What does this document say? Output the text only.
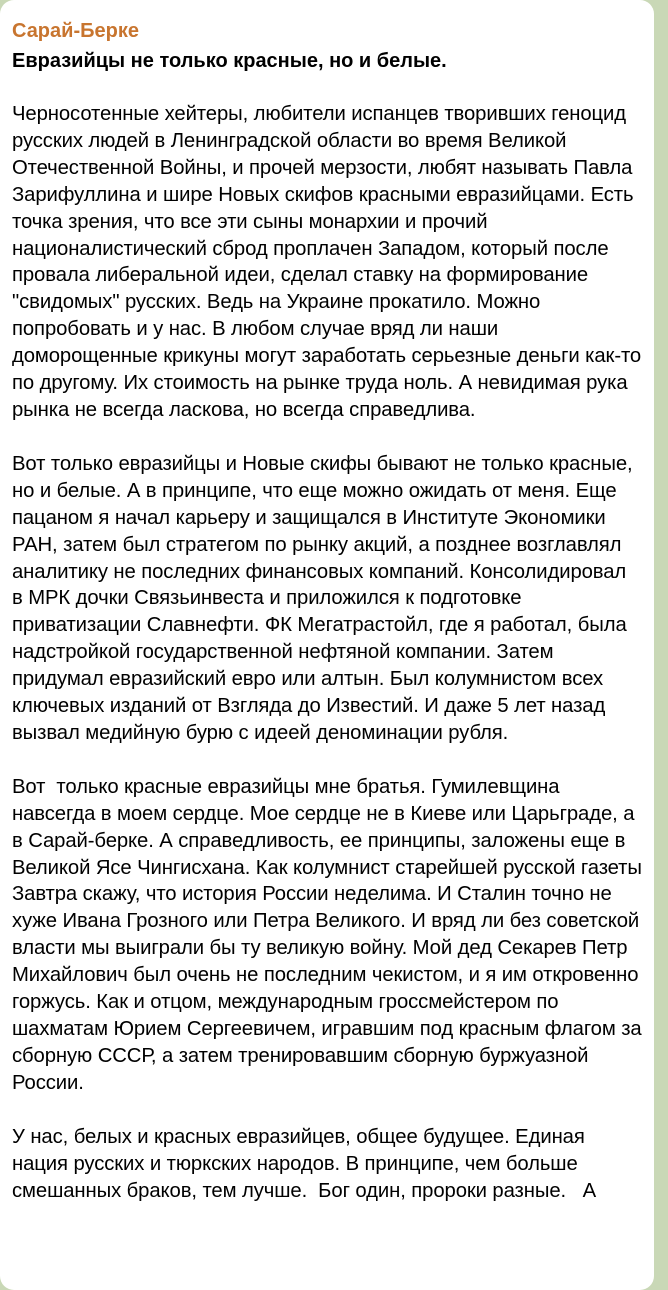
Сарай-Берке
Евразийцы не только красные, но и белые.

Черносотенные хейтеры, любители испанцев творивших геноцид русских людей в Ленинградской области во время Великой Отечественной Войны, и прочей мерзости, любят называть Павла Зарифуллина и шире Новых скифов красными евразийцами. Есть точка зрения, что все эти сыны монархии и прочий националистический сброд проплачен Западом, который после провала либеральной идеи, сделал ставку на формирование "свидомых" русских. Ведь на Украине прокатило. Можно попробовать и у нас. В любом случае вряд ли наши доморощенные крикуны могут заработать серьезные деньги как-то по другому. Их стоимость на рынке труда ноль. А невидимая рука рынка не всегда ласкова, но всегда справедлива.

Вот только евразийцы и Новые скифы бывают не только красные, но и белые. А в принципе, что еще можно ожидать от меня. Еще пацаном я начал карьеру и защищался в Институте Экономики РАН, затем был стратегом по рынку акций, а позднее возглавлял аналитику не последних финансовых компаний. Консолидировал в МРК дочки Связьинвеста и приложился к подготовке приватизации Славнефти. ФК Мегатрастойл, где я работал, была надстройкой государственной нефтяной компании. Затем придумал евразийский евро или алтын. Был колумнистом всех ключевых изданий от Взгляда до Известий. И даже 5 лет назад вызвал медийную бурю с идеей деноминации рубля.

Вот  только красные евразийцы мне братья. Гумилевщина навсегда в моем сердце. Мое сердце не в Киеве или Царьграде, а в Сарай-берке. А справедливость, ее принципы, заложены еще в Великой Ясе Чингисхана. Как колумнист старейшей русской газеты Завтра скажу, что история России неделима. И Сталин точно не хуже Ивана Грозного или Петра Великого. И вряд ли без советской власти мы выиграли бы ту великую войну. Мой дед Секарев Петр Михайлович был очень не последним чекистом, и я им откровенно горжусь. Как и отцом, международным гроссмейстером по шахматам Юрием Сергеевичем, игравшим под красным флагом за сборную СССР, а затем тренировавшим сборную буржуазной России.

У нас, белых и красных евразийцев, общее будущее. Единая нация русских и тюркских народов. В принципе, чем больше смешанных браков, тем лучше.  Бог один, пророки разные.   А
